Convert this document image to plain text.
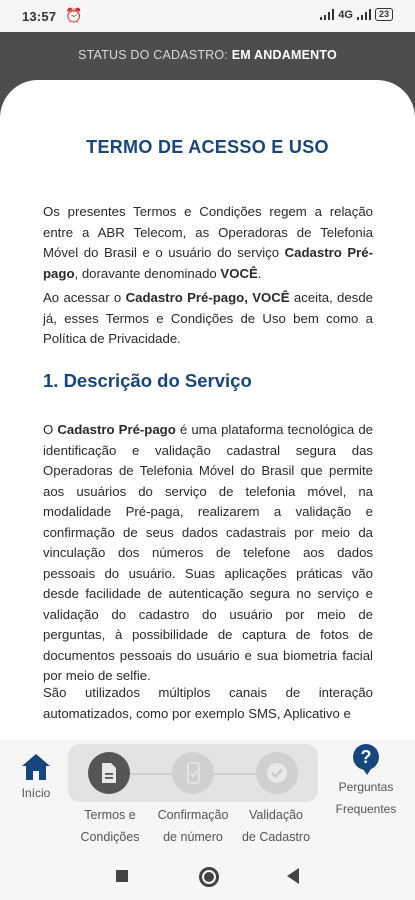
13:57 ⏰	4G	23
STATUS DO CADASTRO: EM ANDAMENTO
TERMO DE ACESSO E USO
Os presentes Termos e Condições regem a relação entre a ABR Telecom, as Operadoras de Telefonia Móvel do Brasil e o usuário do serviço Cadastro Pré-pago, doravante denominado VOCÊ.
Ao acessar o Cadastro Pré-pago, VOCÊ aceita, desde já, esses Termos e Condições de Uso bem como a Política de Privacidade.
1. Descrição do Serviço
O Cadastro Pré-pago é uma plataforma tecnológica de identificação e validação cadastral segura das Operadoras de Telefonia Móvel do Brasil que permite aos usuários do serviço de telefonia móvel, na modalidade Pré-paga, realizarem a validação e confirmação de seus dados cadastrais por meio da vinculação dos números de telefone aos dados pessoais do usuário. Suas aplicações práticas vão desde facilidade de autenticação segura no serviço e validação do cadastro do usuário por meio de perguntas, à possibilidade de captura de fotos de documentos pessoais do usuário e sua biometria facial por meio de selfie.
São utilizados múltiplos canais de interação automatizados, como por exemplo SMS, Aplicativo e
Início
Termos e
Condições
Confirmação
de número
Validação
de Cadastro
?
Perguntas
Frequentes
